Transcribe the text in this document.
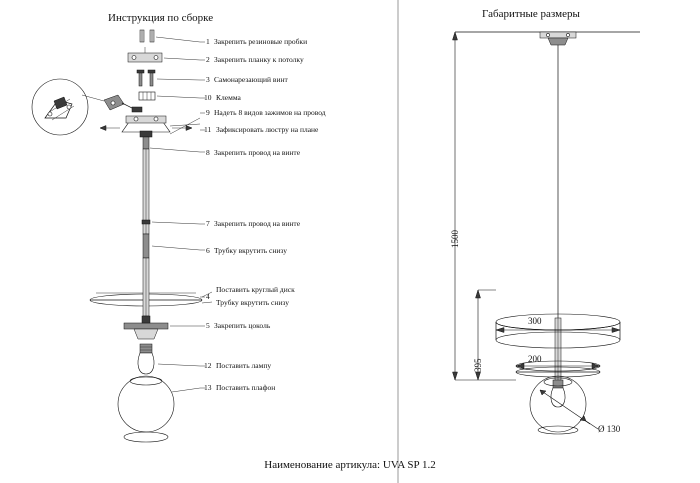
Инструкция по сборке	Габаритные размеры
1 Закрепить резиновые пробки
2 Закрепить планку к потолку
3 Самонарезающий винт
10 Клемма
9 Надеть 8 видов зажимов на провод
11 Зафиксировать люстру на плане
8 Закрепить провод на винте
7 Закрепить провод на винте
6 Трубку вкрутить снизу
4
Поставить круглый диск
Трубку вкрутить снизу
5 Закрепить цоколь
12 Поставить лампу
13 Поставить плафон
1500
395
300
200
Ø 130
Наименование артикула: UVA SP 1.2
